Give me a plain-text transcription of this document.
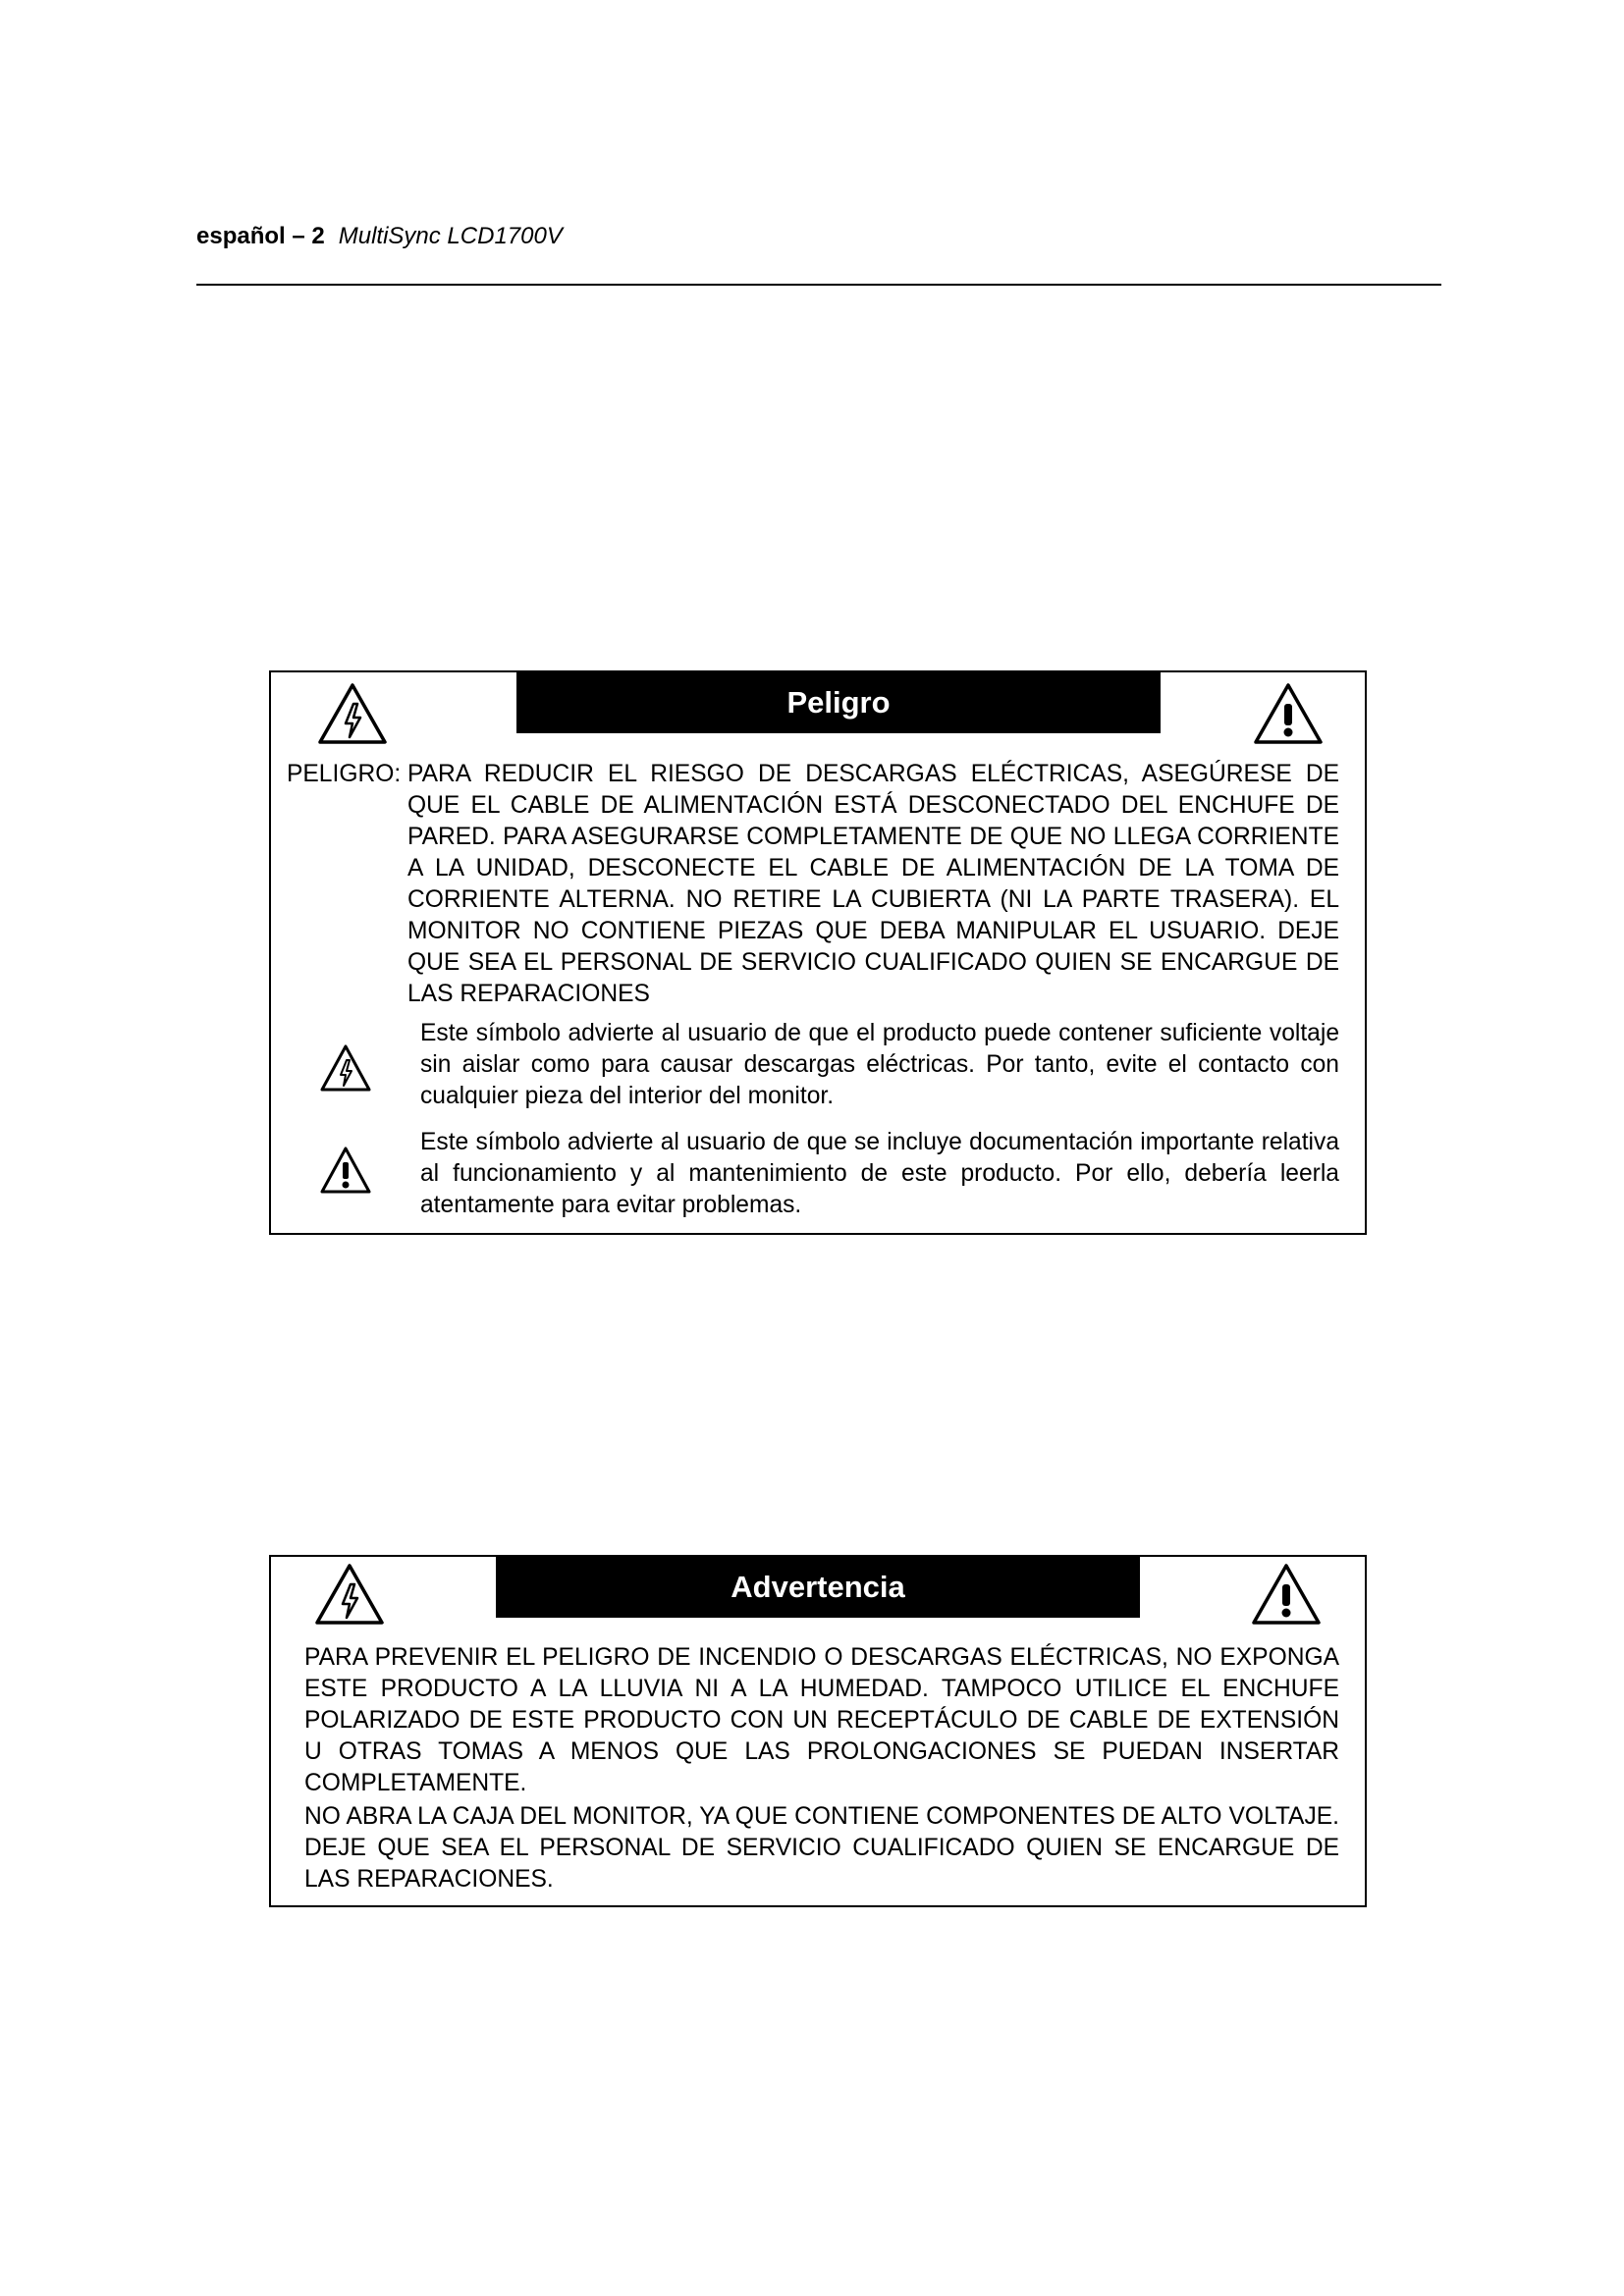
español – 2 MultiSync LCD1700V
Peligro
PELIGRO: PARA REDUCIR EL RIESGO DE DESCARGAS ELÉCTRICAS, ASEGÚRESE DE QUE EL CABLE DE ALIMENTACIÓN ESTÁ DESCONECTADO DEL ENCHUFE DE PARED. PARA ASEGURARSE COMPLETAMENTE DE QUE NO LLEGA CORRIENTE A LA UNIDAD, DESCONECTE EL CABLE DE ALIMENTACIÓN DE LA TOMA DE CORRIENTE ALTERNA. NO RETIRE LA CUBIERTA (NI LA PARTE TRASERA). EL MONITOR NO CONTIENE PIEZAS QUE DEBA MANIPULAR EL USUARIO. DEJE QUE SEA EL PERSONAL DE SERVICIO CUALIFICADO QUIEN SE ENCARGUE DE LAS REPARACIONES
Este símbolo advierte al usuario de que el producto puede contener suficiente voltaje sin aislar como para causar descargas eléctricas. Por tanto, evite el contacto con cualquier pieza del interior del monitor.
Este símbolo advierte al usuario de que se incluye documentación importante relativa al funcionamiento y al mantenimiento de este producto. Por ello, debería leerla atentamente para evitar problemas.
Advertencia
PARA PREVENIR EL PELIGRO DE INCENDIO O DESCARGAS ELÉCTRICAS, NO EXPONGA ESTE PRODUCTO A LA LLUVIA NI A LA HUMEDAD. TAMPOCO UTILICE EL ENCHUFE POLARIZADO DE ESTE PRODUCTO CON UN RECEPTÁCULO DE CABLE DE EXTENSIÓN U OTRAS TOMAS A MENOS QUE LAS PROLONGACIONES SE PUEDAN INSERTAR COMPLETAMENTE.
NO ABRA LA CAJA DEL MONITOR, YA QUE CONTIENE COMPONENTES DE ALTO VOLTAJE. DEJE QUE SEA EL PERSONAL DE SERVICIO CUALIFICADO QUIEN SE ENCARGUE DE LAS REPARACIONES.
